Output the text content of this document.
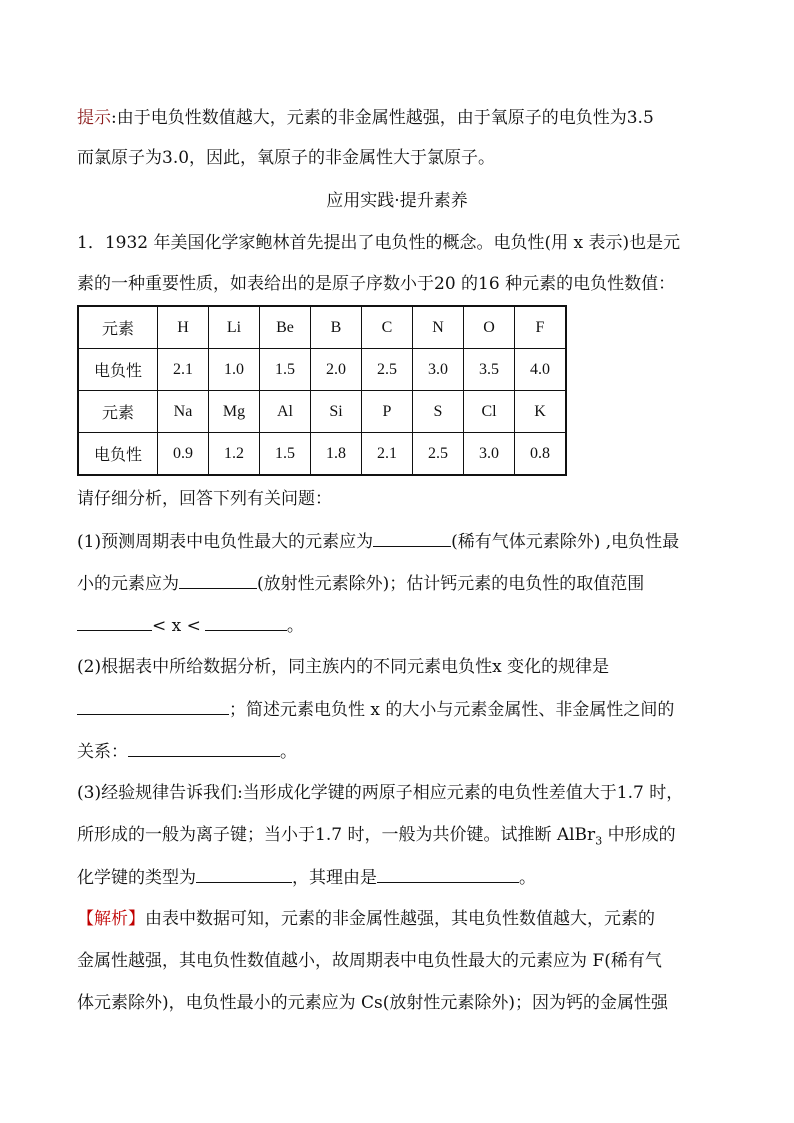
提示:由于电负性数值越大，元素的非金属性越强，由于氧原子的电负性为3.5
而氯原子为3.0，因此，氧原子的非金属性大于氯原子。
应用实践·提升素养
1．1932 年美国化学家鲍林首先提出了电负性的概念。电负性(用 x 表示)也是元
素的一种重要性质，如表给出的是原子序数小于20 的16 种元素的电负性数值：
请仔细分析，回答下列有关问题：
(1)预测周期表中电负性最大的元素应为	(稀有气体元素除外) ,电负性最
小的元素应为	(放射性元素除外)；估计钙元素的电负性的取值范围
< x <	。
(2)根据表中所给数据分析，同主族内的不同元素电负性x 变化的规律是
；简述元素电负性 x 的大小与元素金属性、非金属性之间的
关系：	。
(3)经验规律告诉我们:当形成化学键的两原子相应元素的电负性差值大于1.7 时，
所形成的一般为离子键；当小于1.7 时，一般为共价键。试推断 AlBr$_3$ 中形成的
化学键的类型为	，其理由是	。
【解析】由表中数据可知，元素的非金属性越强，其电负性数值越大，元素的
金属性越强，其电负性数值越小，故周期表中电负性最大的元素应为 F(稀有气
体元素除外)，电负性最小的元素应为 Cs(放射性元素除外)；因为钙的金属性强
元素	H	Li	Be	B	C	N	O	F
电负性	2.1	1.0	1.5	2.0	2.5	3.0	3.5	4.0
元素	Na	Mg	Al	Si	P	S	Cl	K
电负性	0.9	1.2	1.5	1.8	2.1	2.5	3.0	0.8
